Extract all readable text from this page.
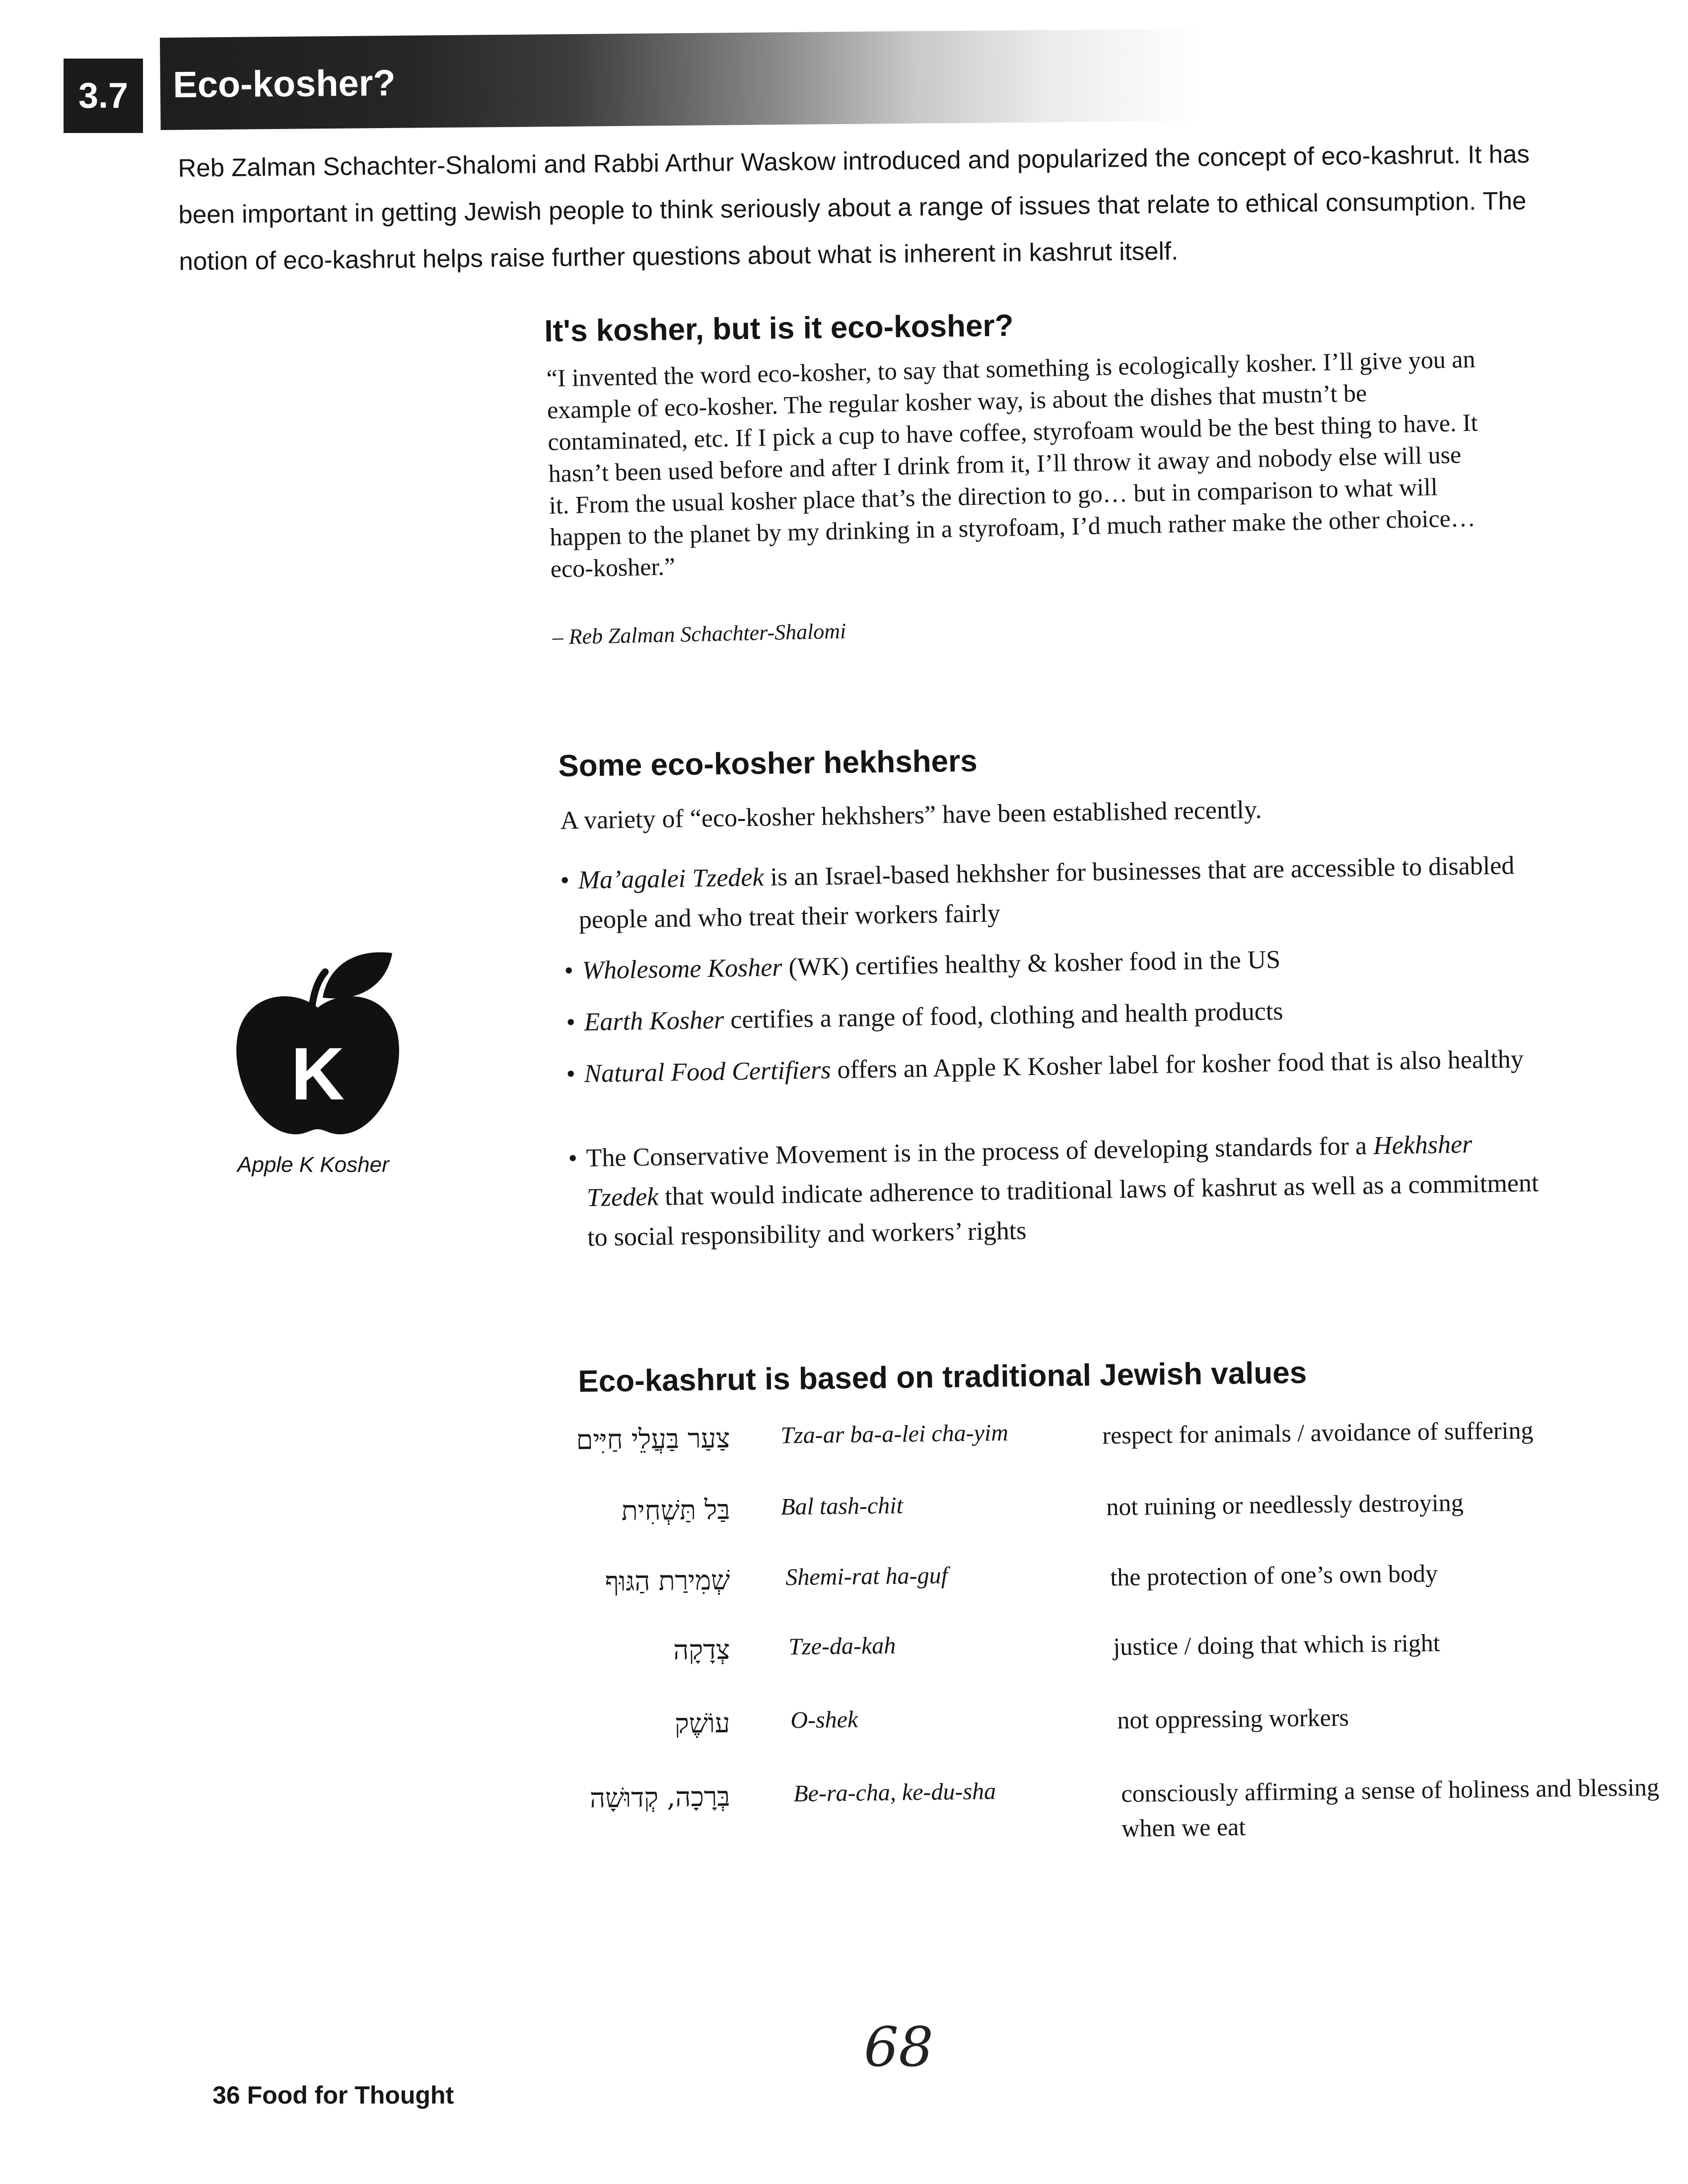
3.7	Eco-kosher?
Reb Zalman Schachter-Shalomi and Rabbi Arthur Waskow introduced and popularized the concept of eco-kashrut. It has been important in getting Jewish people to think seriously about a range of issues that relate to ethical consumption. The notion of eco-kashrut helps raise further questions about what is inherent in kashrut itself.
It's kosher, but is it eco-kosher?
“I invented the word eco-kosher, to say that something is ecologically kosher. I’ll give you an example of eco-kosher. The regular kosher way, is about the dishes that mustn’t be contaminated, etc. If I pick a cup to have coffee, styrofoam would be the best thing to have. It hasn’t been used before and after I drink from it, I’ll throw it away and nobody else will use it. From the usual kosher place that’s the direction to go… but in comparison to what will happen to the planet by my drinking in a styrofoam, I’d much rather make the other choice… eco-kosher.”
– Reb Zalman Schachter-Shalomi
Some eco-kosher hekhshers
A variety of “eco-kosher hekhshers” have been established recently.
• Ma’agalei Tzedek is an Israel-based hekhsher for businesses that are accessible to disabled people and who treat their workers fairly
• Wholesome Kosher (WK) certifies healthy & kosher food in the US
• Earth Kosher certifies a range of food, clothing and health products
• Natural Food Certifiers offers an Apple K Kosher label for kosher food that is also healthy
• The Conservative Movement is in the process of developing standards for a Hekhsher Tzedek that would indicate adherence to traditional laws of kashrut as well as a commitment to social responsibility and workers’ rights
K
Apple K Kosher
Eco-kashrut is based on traditional Jewish values
צַעַר בַּעֲלֵי חַיִּים Tza-ar ba-a-lei cha-yim	respect for animals / avoidance of suffering
בַּל תַּשְׁחִית Bal tash-chit	not ruining or needlessly destroying
שְׁמִירַת הַגּוּף Shemi-rat ha-guf	the protection of one’s own body
צְדָקָה Tze-da-kah	justice / doing that which is right
עוֹשֶׁק	O-shek	not oppressing workers
בְּרָכָה, קְדוּשָׁה	Be-ra-cha, ke-du-sha	consciously affirming a sense of holiness and blessing when we eat
68
36 Food for Thought
